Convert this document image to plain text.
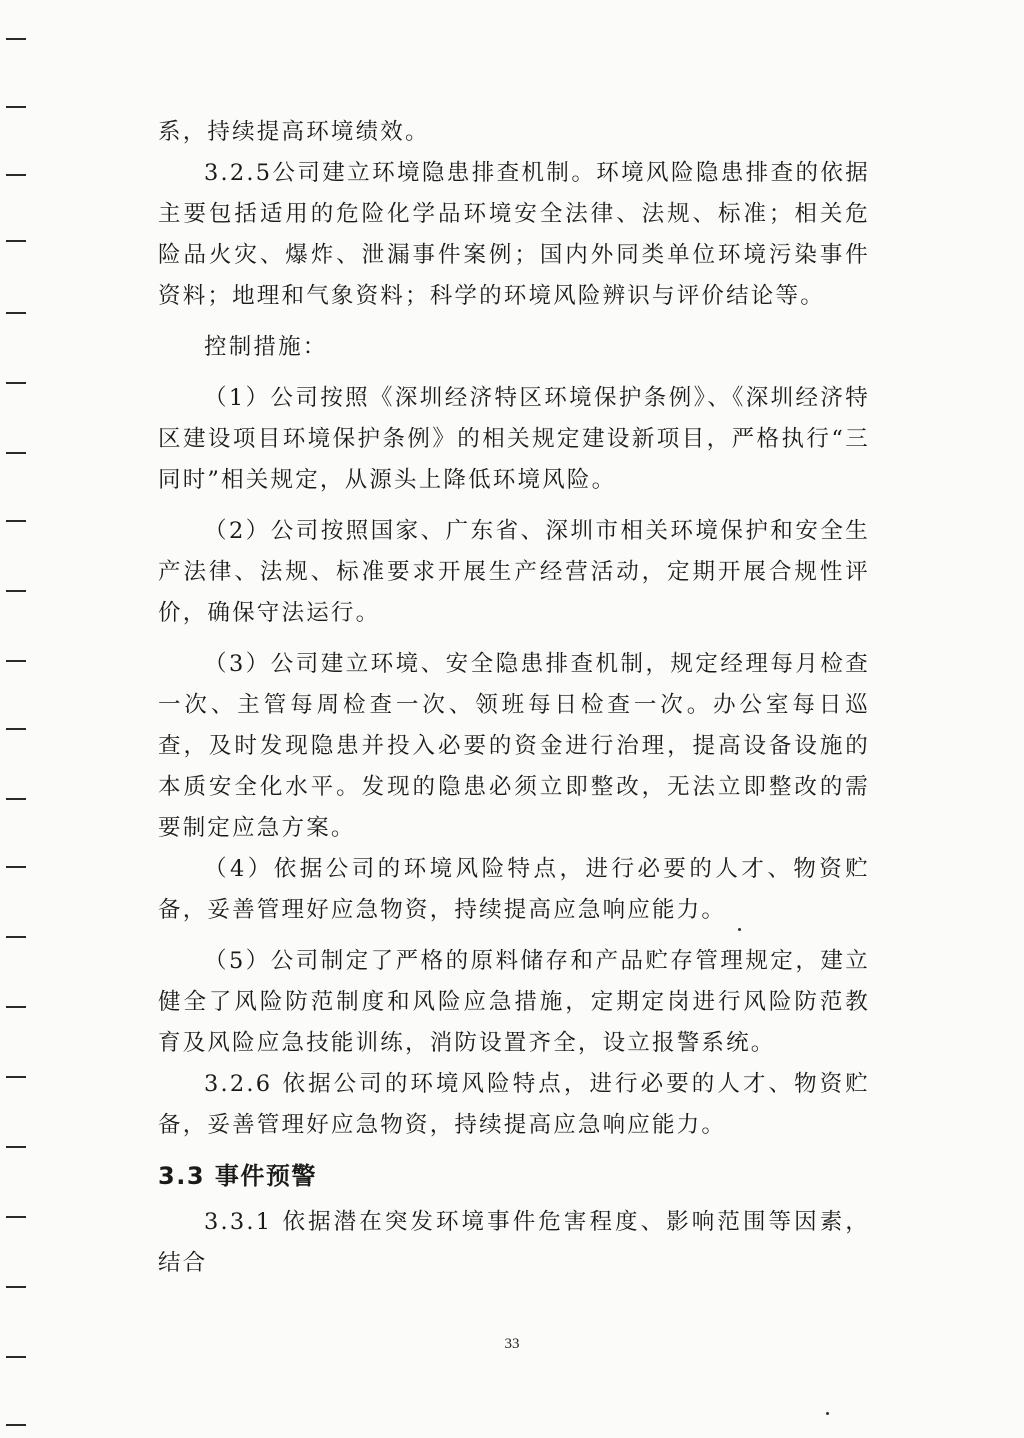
系，持续提高环境绩效。

3.2.5公司建立环境隐患排查机制。环境风险隐患排查的依据主要包括适用的危险化学品环境安全法律、法规、标准；相关危险品火灾、爆炸、泄漏事件案例；国内外同类单位环境污染事件资料；地理和气象资料；科学的环境风险辨识与评价结论等。

控制措施：

（1）公司按照《深圳经济特区环境保护条例》、《深圳经济特区建设项目环境保护条例》的相关规定建设新项目，严格执行“三同时”相关规定，从源头上降低环境风险。

（2）公司按照国家、广东省、深圳市相关环境保护和安全生产法律、法规、标准要求开展生产经营活动，定期开展合规性评价，确保守法运行。

（3）公司建立环境、安全隐患排查机制，规定经理每月检查一次、主管每周检查一次、领班每日检查一次。办公室每日巡查，及时发现隐患并投入必要的资金进行治理，提高设备设施的本质安全化水平。发现的隐患必须立即整改，无法立即整改的需要制定应急方案。

（4）依据公司的环境风险特点，进行必要的人才、物资贮备，妥善管理好应急物资，持续提高应急响应能力。

（5）公司制定了严格的原料储存和产品贮存管理规定，建立健全了风险防范制度和风险应急措施，定期定岗进行风险防范教育及风险应急技能训练，消防设置齐全，设立报警系统。

3.2.6 依据公司的环境风险特点，进行必要的人才、物资贮备，妥善管理好应急物资，持续提高应急响应能力。

3.3 事件预警

3.3.1 依据潜在突发环境事件危害程度、影响范围等因素，结合

33
